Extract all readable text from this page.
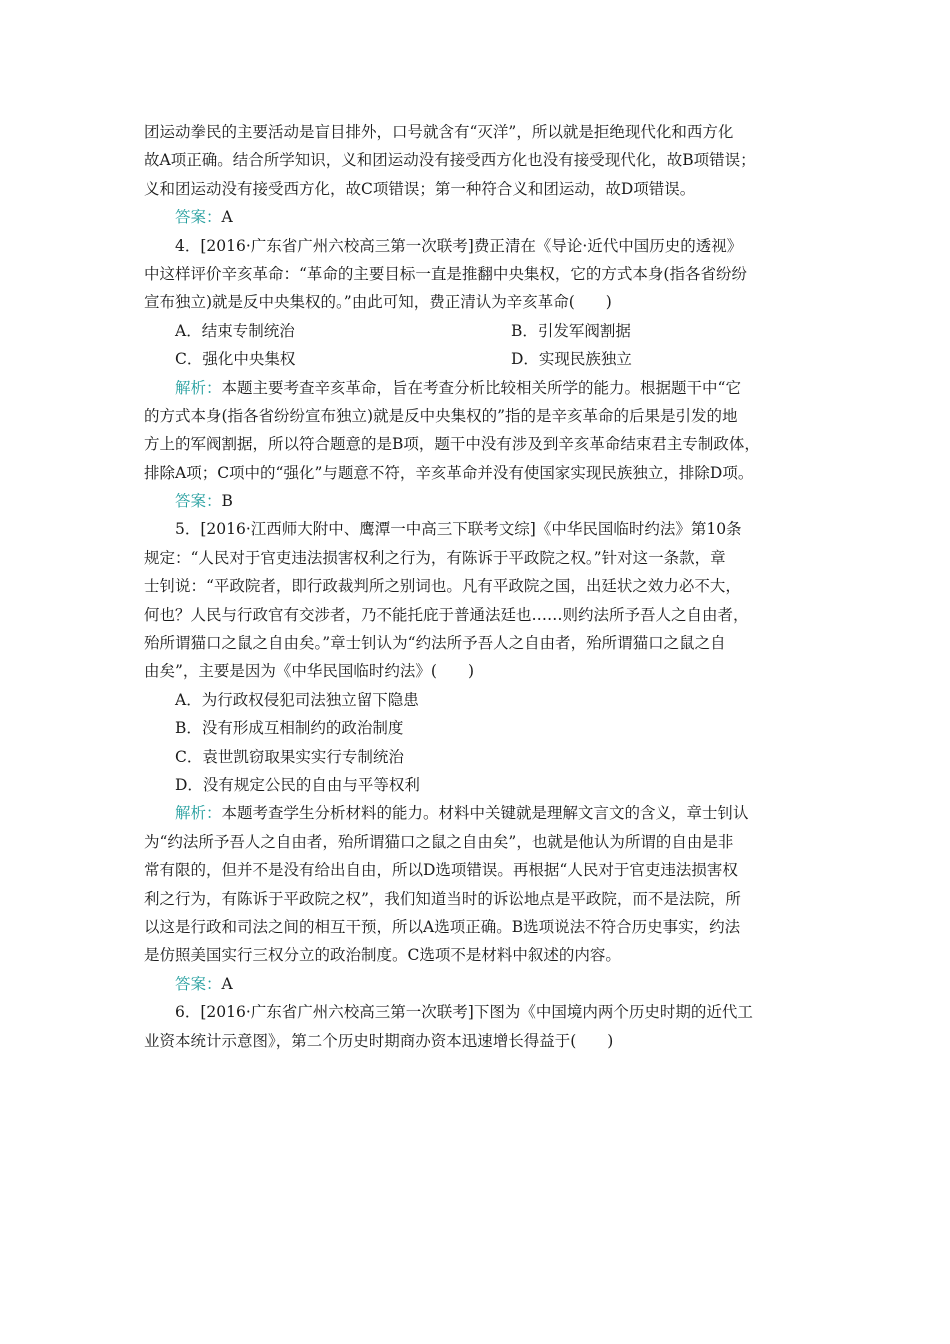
团运动拳民的主要活动是盲目排外，口号就含有“灭洋”，所以就是拒绝现代化和西方化
故A项正确。结合所学知识，义和团运动没有接受西方化也没有接受现代化，故B项错误；
义和团运动没有接受西方化，故C项错误；第一种符合义和团运动，故D项错误。
答案：A
4．[2016·广东省广州六校高三第一次联考]费正清在《导论·近代中国历史的透视》
中这样评价辛亥革命：“革命的主要目标一直是推翻中央集权，它的方式本身(指各省纷纷
宣布独立)就是反中央集权的。”由此可知，费正清认为辛亥革命(　　)
A．结束专制统治	B．引发军阀割据
C．强化中央集权	D．实现民族独立
解析：本题主要考查辛亥革命，旨在考查分析比较相关所学的能力。根据题干中“它
的方式本身(指各省纷纷宣布独立)就是反中央集权的”指的是辛亥革命的后果是引发的地
方上的军阀割据，所以符合题意的是B项，题干中没有涉及到辛亥革命结束君主专制政体，
排除A项；C项中的“强化”与题意不符，辛亥革命并没有使国家实现民族独立，排除D项。
答案：B
5．[2016·江西师大附中、鹰潭一中高三下联考文综]《中华民国临时约法》第10条
规定：“人民对于官吏违法损害权利之行为，有陈诉于平政院之权。”针对这一条款，章
士钊说：“平政院者，即行政裁判所之别词也。凡有平政院之国，出廷状之效力必不大，
何也？人民与行政官有交涉者，乃不能托庇于普通法廷也……则约法所予吾人之自由者，
殆所谓猫口之鼠之自由矣。”章士钊认为“约法所予吾人之自由者，殆所谓猫口之鼠之自
由矣”，主要是因为《中华民国临时约法》(　　)
A．为行政权侵犯司法独立留下隐患
B．没有形成互相制约的政治制度
C．袁世凯窃取果实实行专制统治
D．没有规定公民的自由与平等权利
解析：本题考查学生分析材料的能力。材料中关键就是理解文言文的含义，章士钊认
为“约法所予吾人之自由者，殆所谓猫口之鼠之自由矣”，也就是他认为所谓的自由是非
常有限的，但并不是没有给出自由，所以D选项错误。再根据“人民对于官吏违法损害权
利之行为，有陈诉于平政院之权”，我们知道当时的诉讼地点是平政院，而不是法院，所
以这是行政和司法之间的相互干预，所以A选项正确。B选项说法不符合历史事实，约法
是仿照美国实行三权分立的政治制度。C选项不是材料中叙述的内容。
答案：A
6．[2016·广东省广州六校高三第一次联考]下图为《中国境内两个历史时期的近代工
业资本统计示意图》，第二个历史时期商办资本迅速增长得益于(　　)
